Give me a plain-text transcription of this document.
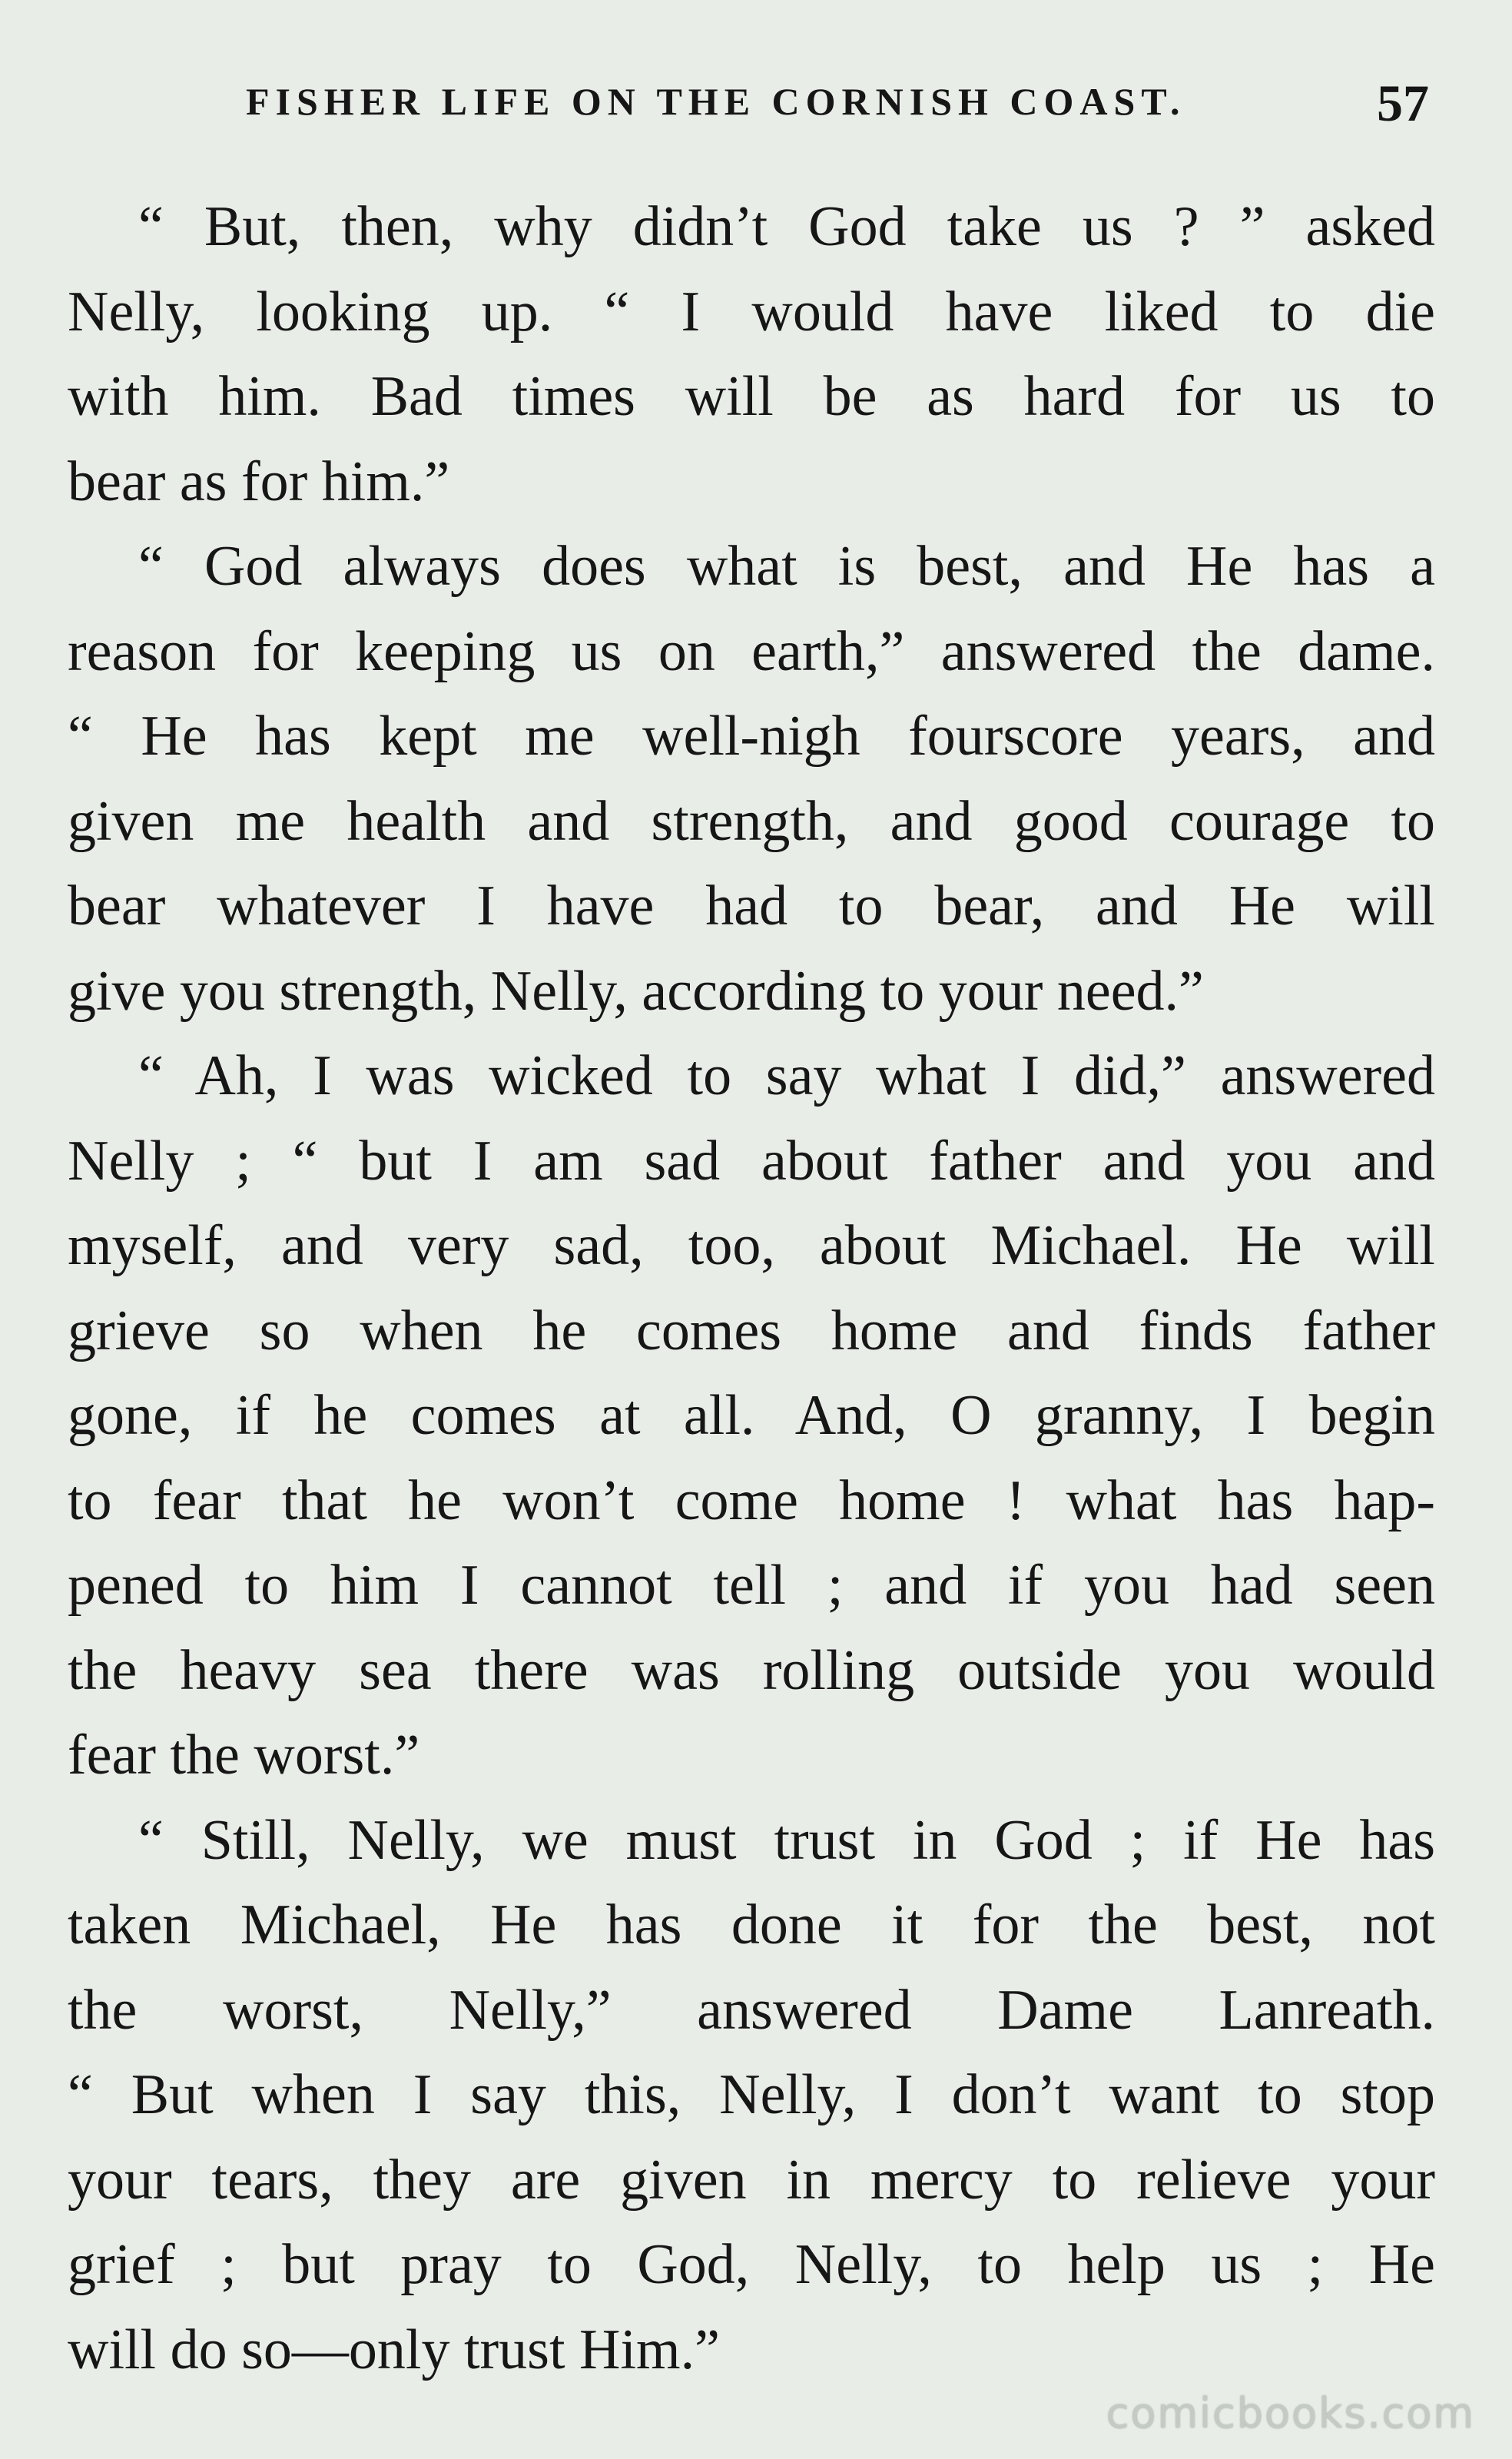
FISHER LIFE ON THE CORNISH COAST.	57
“ But, then, why didn’t God take us ? ” asked
Nelly, looking up. “ I would have liked to die
with him. Bad times will be as hard for us to
bear as for him.”
“ God always does what is best, and He has a
reason for keeping us on earth,” answered the dame.
“ He has kept me well-nigh fourscore years, and
given me health and strength, and good courage to
bear whatever I have had to bear, and He will
give you strength, Nelly, according to your need.”
“ Ah, I was wicked to say what I did,” answered
Nelly ; “ but I am sad about father and you and
myself, and very sad, too, about Michael. He will
grieve so when he comes home and finds father
gone, if he comes at all. And, O granny, I begin
to fear that he won’t come home ! what has hap-
pened to him I cannot tell ; and if you had seen
the heavy sea there was rolling outside you would
fear the worst.”
“ Still, Nelly, we must trust in God ; if He has
taken Michael, He has done it for the best, not
the worst, Nelly,” answered Dame Lanreath.
“ But when I say this, Nelly, I don’t want to stop
your tears, they are given in mercy to relieve your
grief ; but pray to God, Nelly, to help us ; He
will do so—only trust Him.”
comicbooks.com
